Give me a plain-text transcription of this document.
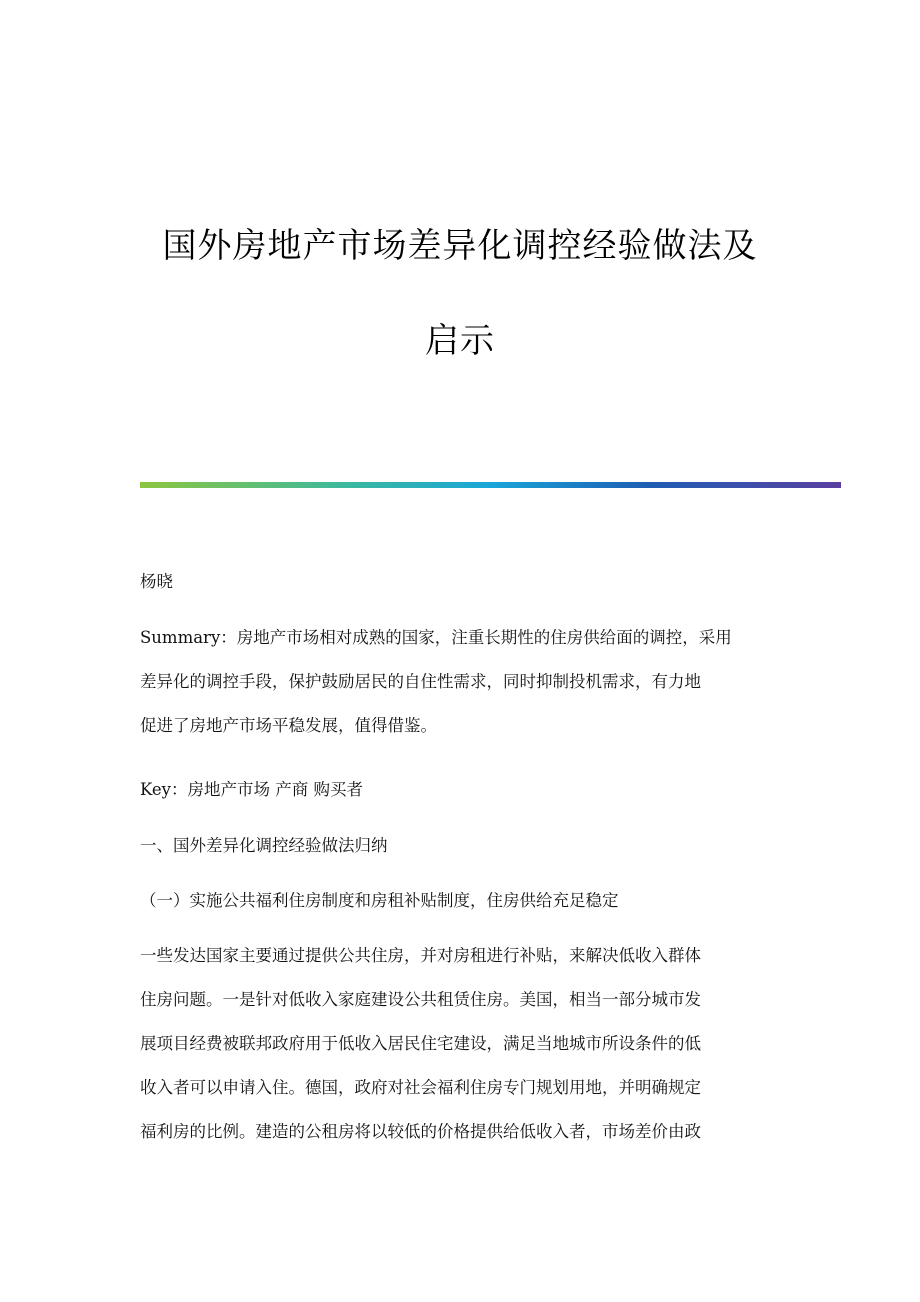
国外房地产市场差异化调控经验做法及
启示
杨晓
Summary：房地产市场相对成熟的国家，注重长期性的住房供给面的调控，采用
差异化的调控手段，保护鼓励居民的自住性需求，同时抑制投机需求，有力地
促进了房地产市场平稳发展，值得借鉴。
Key：房地产市场 产商 购买者
一、国外差异化调控经验做法归纳
（一）实施公共福利住房制度和房租补贴制度，住房供给充足稳定
一些发达国家主要通过提供公共住房，并对房租进行补贴，来解决低收入群体
住房问题。一是针对低收入家庭建设公共租赁住房。美国，相当一部分城市发
展项目经费被联邦政府用于低收入居民住宅建设，满足当地城市所设条件的低
收入者可以申请入住。德国，政府对社会福利住房专门规划用地，并明确规定
福利房的比例。建造的公租房将以较低的价格提供给低收入者，市场差价由政
